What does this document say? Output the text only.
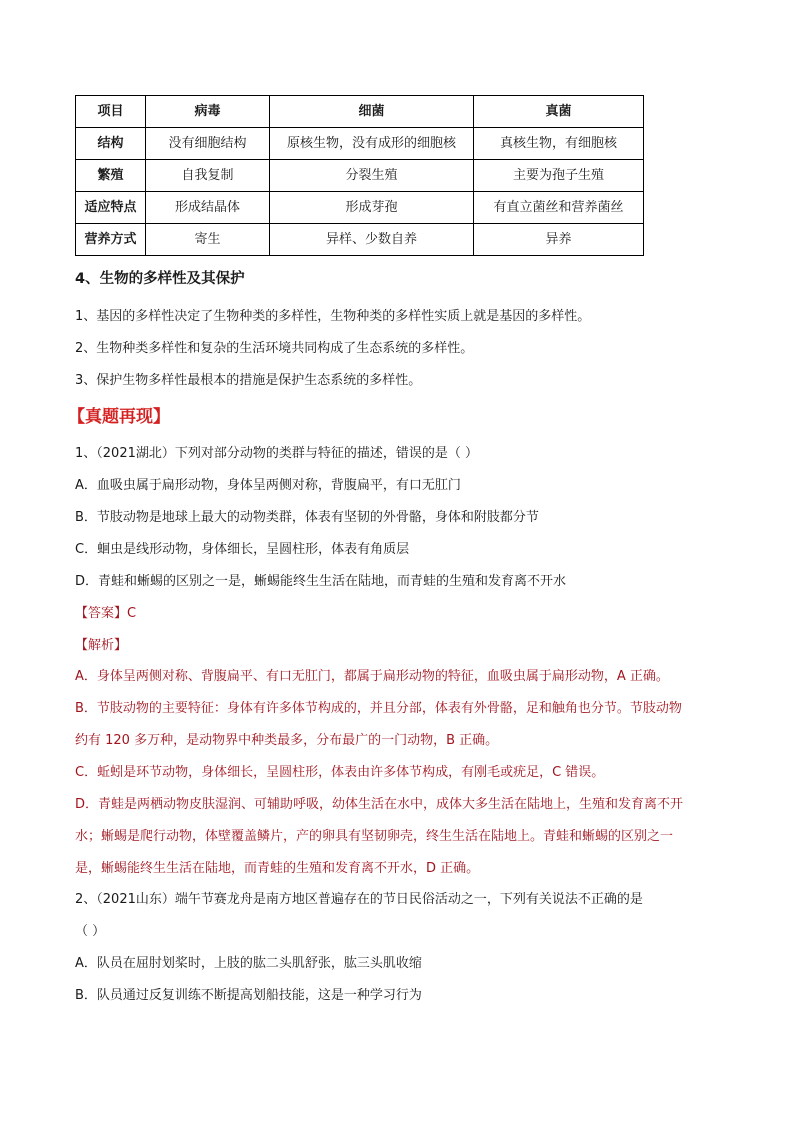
项目	病毒	细菌	真菌
结构	没有细胞结构	原核生物，没有成形的细胞核	真核生物，有细胞核
繁殖	自我复制	分裂生殖	主要为孢子生殖
适应特点	形成结晶体	形成芽孢	有直立菌丝和营养菌丝
营养方式	寄生	异样、少数自养	异养
4、生物的多样性及其保护
1、基因的多样性决定了生物种类的多样性，生物种类的多样性实质上就是基因的多样性。
2、生物种类多样性和复杂的生活环境共同构成了生态系统的多样性。
3、保护生物多样性最根本的措施是保护生态系统的多样性。
【真题再现】
1、（2021湖北）下列对部分动物的类群与特征的描述，错误的是（ ）
A．血吸虫属于扁形动物，身体呈两侧对称，背腹扁平，有口无肛门
B．节肢动物是地球上最大的动物类群，体表有坚韧的外骨骼，身体和附肢都分节
C．蛔虫是线形动物，身体细长，呈圆柱形，体表有角质层
D．青蛙和蜥蜴的区别之一是，蜥蜴能终生生活在陆地，而青蛙的生殖和发育离不开水
【答案】C
【解析】
A．身体呈两侧对称、背腹扁平、有口无肛门，都属于扁形动物的特征，血吸虫属于扁形动物，A 正确。
B．节肢动物的主要特征：身体有许多体节构成的，并且分部，体表有外骨骼，足和触角也分节。节肢动物
约有 120 多万种，是动物界中种类最多，分布最广的一门动物，B 正确。
C．蚯蚓是环节动物，身体细长，呈圆柱形，体表由许多体节构成，有刚毛或疣足，C 错误。
D．青蛙是两栖动物皮肤湿润、可辅助呼吸，幼体生活在水中，成体大多生活在陆地上，生殖和发育离不开
水；蜥蜴是爬行动物，体壁覆盖鳞片，产的卵具有坚韧卵壳，终生生活在陆地上。青蛙和蜥蜴的区别之一
是，蜥蜴能终生生活在陆地，而青蛙的生殖和发育离不开水，D 正确。
2、（2021山东）端午节赛龙舟是南方地区普遍存在的节日民俗活动之一，下列有关说法不正确的是
（ ）
A．队员在屈肘划桨时，上肢的肱二头肌舒张，肱三头肌收缩
B．队员通过反复训练不断提高划船技能，这是一种学习行为
